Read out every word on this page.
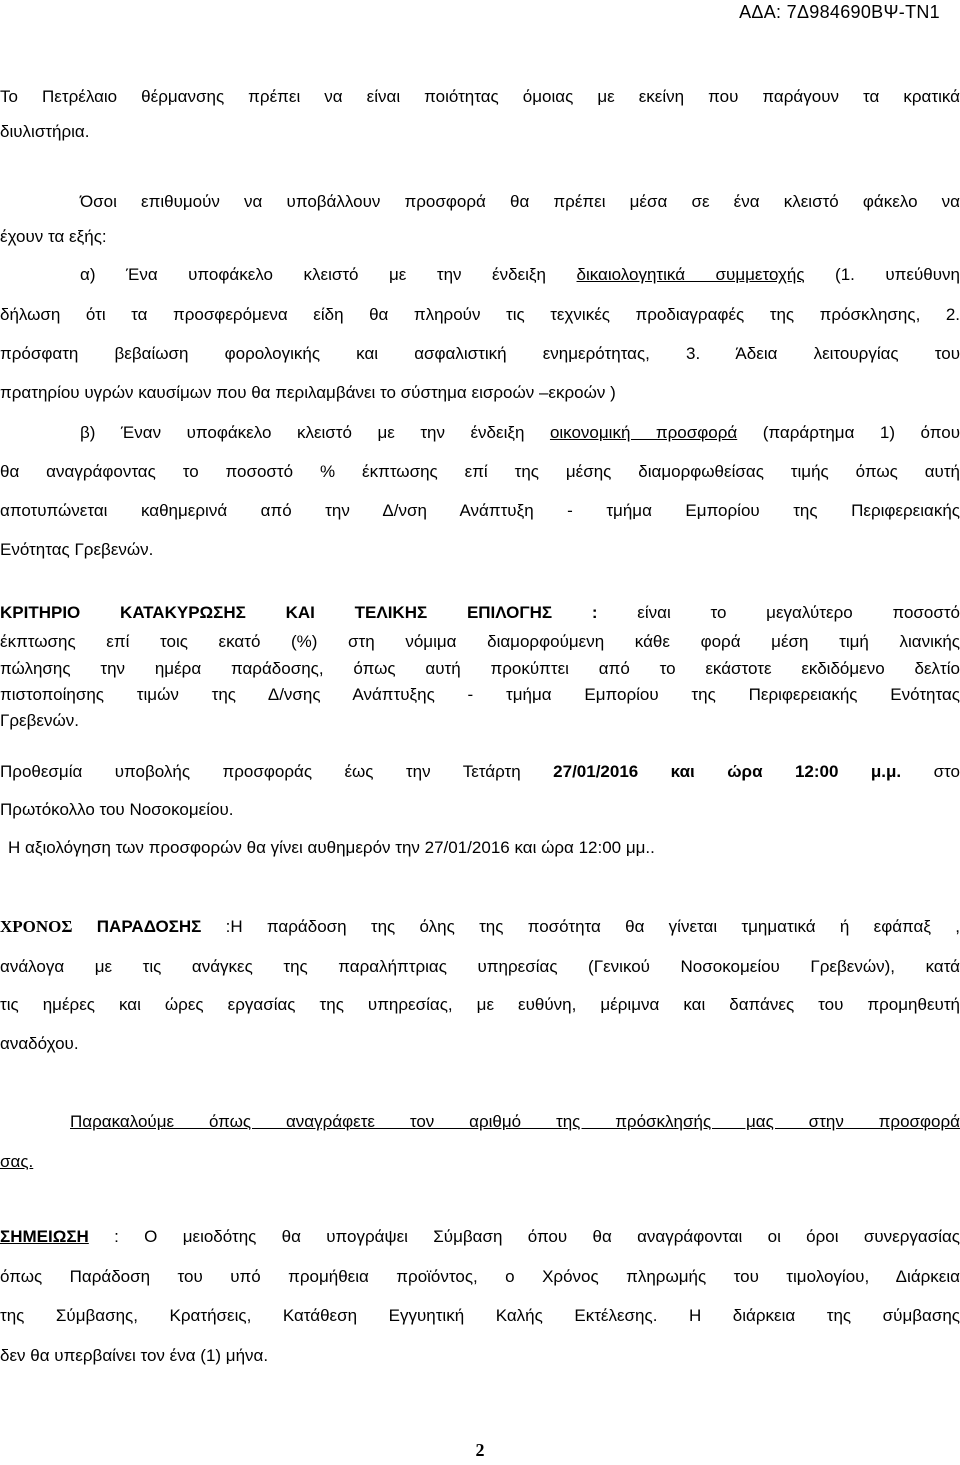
ΑΔΑ: 7Δ984690ΒΨ-ΤΝ1
Το Πετρέλαιο θέρμανσης πρέπει να είναι ποιότητας όμοιας με εκείνη που παράγουν τα κρατικά
διυλιστήρια.
Όσοι επιθυμούν να υποβάλλουν προσφορά θα πρέπει μέσα σε ένα κλειστό φάκελο να
έχουν τα εξής:
α) Ένα υποφάκελο κλειστό με την ένδειξη δικαιολογητικά συμμετοχής (1. υπεύθυνη
δήλωση ότι τα προσφερόμενα είδη θα πληρούν τις τεχνικές προδιαγραφές της πρόσκλησης, 2.
πρόσφατη βεβαίωση φορολογικής και ασφαλιστική ενημερότητας, 3. Άδεια λειτουργίας του
πρατηρίου υγρών καυσίμων που θα περιλαμβάνει το σύστημα εισροών –εκροών )
β) Έναν υποφάκελο κλειστό με την ένδειξη οικονομική προσφορά (παράρτημα 1) όπου
θα αναγράφοντας το ποσοστό % έκπτωσης επί της μέσης διαμορφωθείσας τιμής όπως αυτή
αποτυπώνεται καθημερινά από την Δ/νση Ανάπτυξη - τμήμα Εμπορίου της Περιφερειακής
Ενότητας Γρεβενών.
ΚΡΙΤΗΡΙΟ ΚΑΤΑΚΥΡΩΣΗΣ ΚΑΙ ΤΕΛΙΚΗΣ ΕΠΙΛΟΓΗΣ : είναι το μεγαλύτερο ποσοστό
έκπτωσης επί τοις εκατό (%) στη νόμιμα διαμορφούμενη κάθε φορά μέση τιμή λιανικής
πώλησης την ημέρα παράδοσης, όπως αυτή προκύπτει από το εκάστοτε εκδιδόμενο δελτίο
πιστοποίησης τιμών της Δ/νσης Ανάπτυξης - τμήμα Εμπορίου της Περιφερειακής Ενότητας
Γρεβενών.
Προθεσμία υποβολής προσφοράς έως την Τετάρτη 27/01/2016 και ώρα 12:00 μ.μ. στο
Πρωτόκολλο του Νοσοκομείου.
Η αξιολόγηση των προσφορών θα γίνει αυθημερόν την 27/01/2016 και ώρα 12:00 μμ..
ΧΡΟΝΟΣ ΠΑΡΑΔΟΣΗΣ :Η παράδοση της όλης της ποσότητα θα γίνεται τμηματικά ή εφάπαξ ,
ανάλογα με τις ανάγκες της παραλήπτριας υπηρεσίας (Γενικού Νοσοκομείου Γρεβενών), κατά
τις ημέρες και ώρες εργασίας της υπηρεσίας, με ευθύνη, μέριμνα και δαπάνες του προμηθευτή
αναδόχου.
Παρακαλούμε όπως αναγράφετε τον αριθμό της πρόσκλησής μας στην προσφορά
σας.
ΣΗΜΕΙΩΣΗ : Ο μειοδότης θα υπογράψει Σύμβαση όπου θα αναγράφονται οι όροι συνεργασίας
όπως Παράδοση του υπό προμήθεια προϊόντος, ο Χρόνος πληρωμής του τιμολογίου, Διάρκεια
της Σύμβασης, Κρατήσεις, Κατάθεση Εγγυητική Καλής Εκτέλεσης. Η διάρκεια της σύμβασης
δεν θα υπερβαίνει τον ένα (1) μήνα.
2
